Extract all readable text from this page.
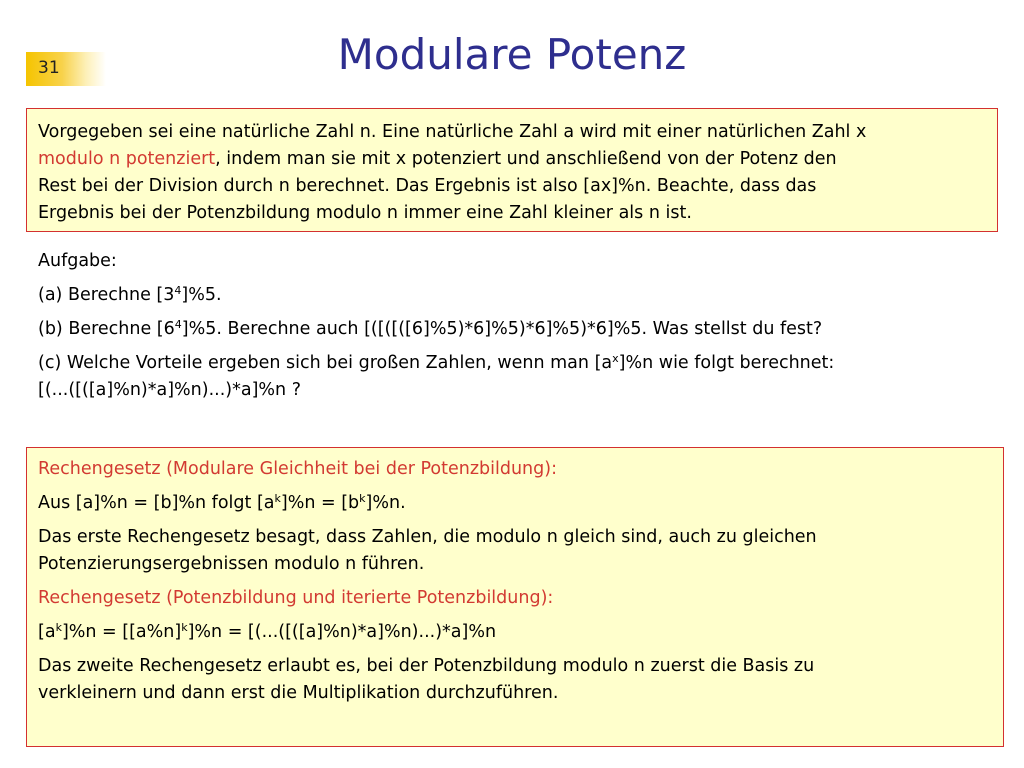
31	Modulare Potenz

Vorgegeben sei eine natürliche Zahl n. Eine natürliche Zahl a wird mit einer natürlichen Zahl x

modulo n potenziert, indem man sie mit x potenziert und anschließend von der Potenz den

Rest bei der Division durch n berechnet. Das Ergebnis ist also [ax]%n. Beachte, dass das

Ergebnis bei der Potenzbildung modulo n immer eine Zahl kleiner als n ist.

Aufgabe:

(a) Berechne $[3^4]\%5$.

(b) Berechne $[6^4]\%5$. Berechne auch [([([([6]%5)*6]%5)*6]%5)*6]%5. Was stellst du fest?

(c) Welche Vorteile ergeben sich bei großen Zahlen, wenn man $[a^x]\%n$ wie folgt berechnet:

[(...([([a]%n)*a]%n)...)*a]%n ?

Rechengesetz (Modulare Gleichheit bei der Potenzbildung):

Aus [a]%n = [b]%n folgt $[a^k]\%n = [b^k]\%n$.

Das erste Rechengesetz besagt, dass Zahlen, die modulo n gleich sind, auch zu gleichen

Potenzierungsergebnissen modulo n führen.

Rechengesetz (Potenzbildung und iterierte Potenzbildung):

$[a^k]\%n = [[a\%n]^k]\%n = [(...([([a]\%n)*a]\%n)...)*a]\%n$

Das zweite Rechengesetz erlaubt es, bei der Potenzbildung modulo n zuerst die Basis zu

verkleinern und dann erst die Multiplikation durchzuführen.
